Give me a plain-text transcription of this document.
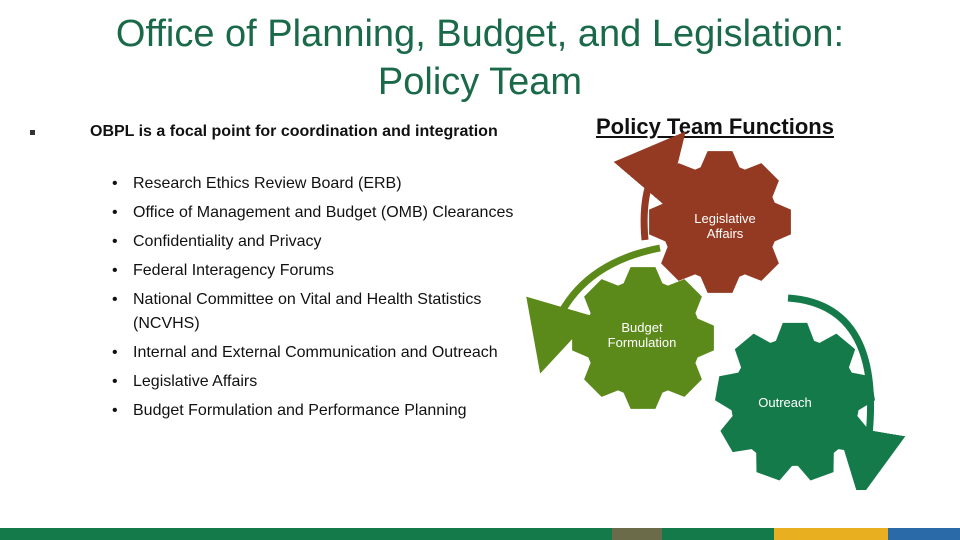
Office of Planning, Budget, and Legislation: Policy Team
OBPL is a focal point for coordination and integration
• Research Ethics Review Board (ERB)
• Office of Management and Budget (OMB) Clearances
• Confidentiality and Privacy
• Federal Interagency Forums
• National Committee on Vital and Health Statistics (NCVHS)
• Internal and External Communication and Outreach
• Legislative Affairs
• Budget Formulation and Performance Planning
Policy Team Functions
Legislative Affairs
Budget Formulation
Outreach
